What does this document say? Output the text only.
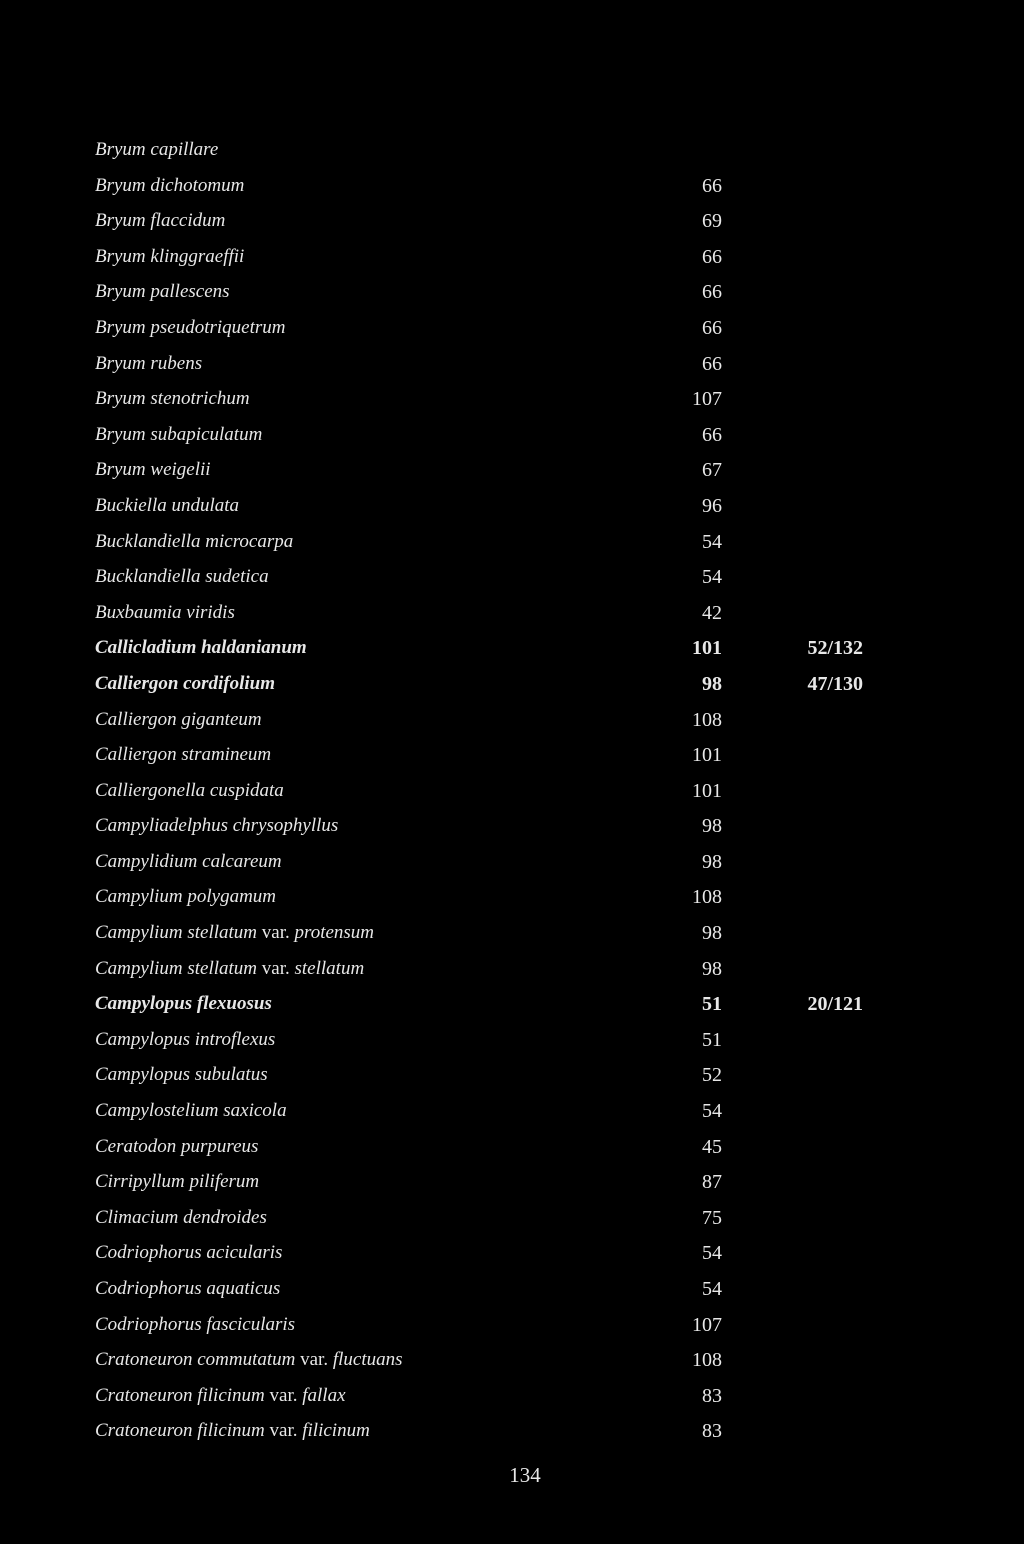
Bryum capillare
Bryum dichotomum	66
Bryum flaccidum	69
Bryum klinggraeffii	66
Bryum pallescens	66
Bryum pseudotriquetrum	66
Bryum rubens	66
Bryum stenotrichum	107
Bryum subapiculatum	66
Bryum weigelii	67
Buckiella undulata	96
Bucklandiella microcarpa	54
Bucklandiella sudetica	54
Buxbaumia viridis	42
Callicladium haldanianum	101	52/132
Calliergon cordifolium	98	47/130
Calliergon giganteum	108
Calliergon stramineum	101
Calliergonella cuspidata	101
Campyliadelphus chrysophyllus	98
Campylidium calcareum	98
Campylium polygamum	108
Campylium stellatum var. protensum	98
Campylium stellatum var. stellatum	98
Campylopus flexuosus	51	20/121
Campylopus introflexus	51
Campylopus subulatus	52
Campylostelium saxicola	54
Ceratodon purpureus	45
Cirripyllum piliferum	87
Climacium dendroides	75
Codriophorus acicularis	54
Codriophorus aquaticus	54
Codriophorus fascicularis	107
Cratoneuron commutatum var. fluctuans	108
Cratoneuron filicinum var. fallax	83
Cratoneuron filicinum var. filicinum	83
134
